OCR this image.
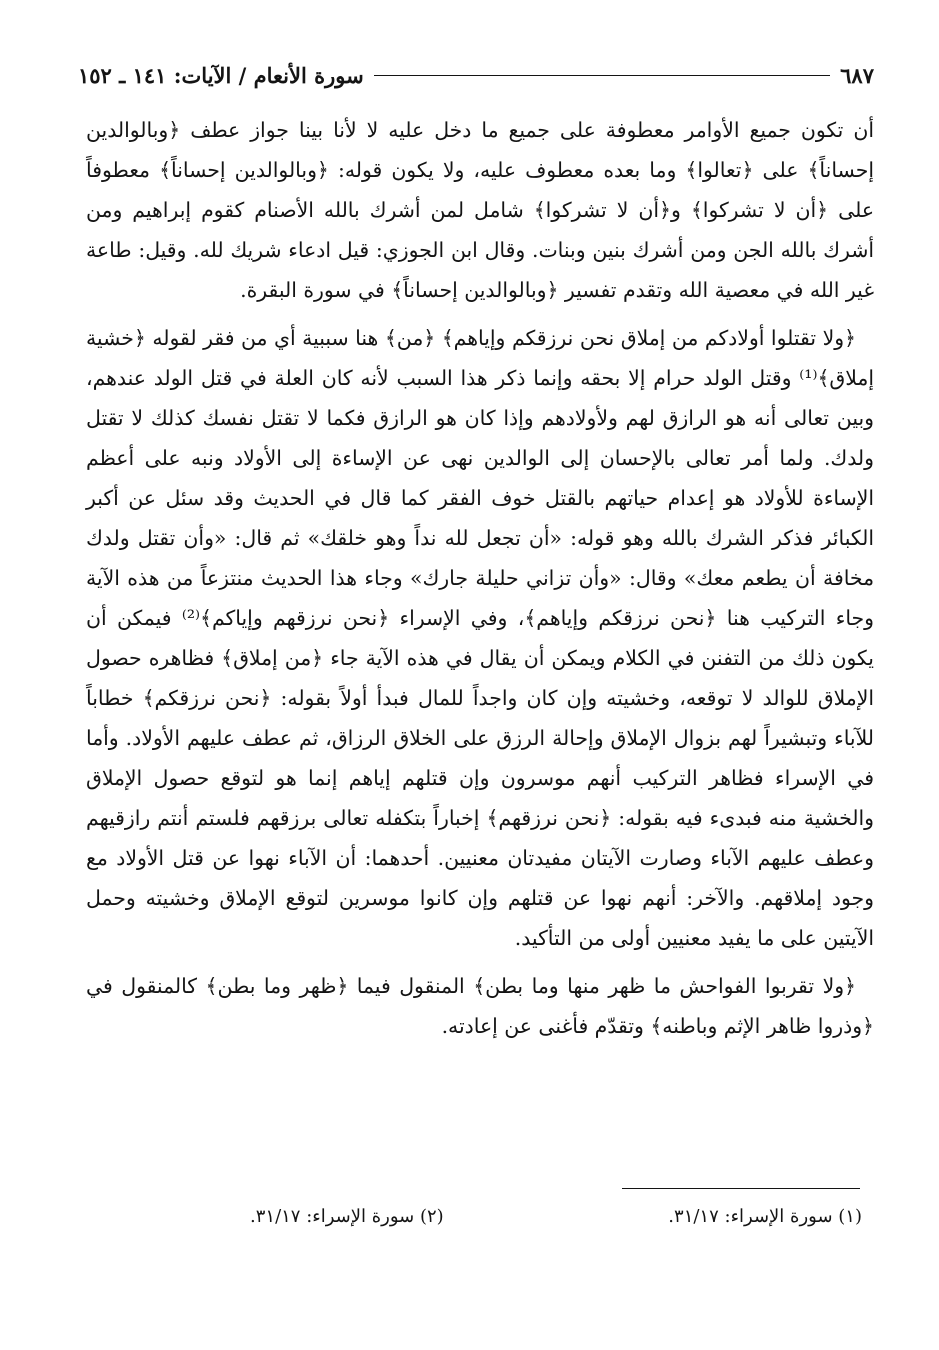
سورة الأنعام / الآيات: ١٤١ ـ ١٥٢	٦٨٧

أن تكون جميع الأوامر معطوفة على جميع ما دخل عليه لا لأنا بينا جواز عطف ﴿وبالوالدين إحساناً﴾ على ﴿تعالوا﴾ وما بعده معطوف عليه، ولا يكون قوله: ﴿وبالوالدين إحساناً﴾ معطوفاً على ﴿أن لا تشركوا﴾ و﴿أن لا تشركوا﴾ شامل لمن أشرك بالله الأصنام كقوم إبراهيم ومن أشرك بالله الجن ومن أشرك بنين وبنات. وقال ابن الجوزي: قيل ادعاء شريك لله. وقيل: طاعة غير الله في معصية الله وتقدم تفسير ﴿وبالوالدين إحساناً﴾ في سورة البقرة.

﴿ولا تقتلوا أولادكم من إملاق نحن نرزقكم وإياهم﴾ ﴿من﴾ هنا سببية أي من فقر لقوله ﴿خشية إملاق﴾⁽¹⁾ وقتل الولد حرام إلا بحقه وإنما ذكر هذا السبب لأنه كان العلة في قتل الولد عندهم، وبين تعالى أنه هو الرازق لهم ولأولادهم وإذا كان هو الرازق فكما لا تقتل نفسك كذلك لا تقتل ولدك. ولما أمر تعالى بالإحسان إلى الوالدين نهى عن الإساءة إلى الأولاد ونبه على أعظم الإساءة للأولاد هو إعدام حياتهم بالقتل خوف الفقر كما قال في الحديث وقد سئل عن أكبر الكبائر فذكر الشرك بالله وهو قوله: «أن تجعل لله نداً وهو خلقك» ثم قال: «وأن تقتل ولدك مخافة أن يطعم معك» وقال: «وأن تزاني حليلة جارك» وجاء هذا الحديث منتزعاً من هذه الآية وجاء التركيب هنا ﴿نحن نرزقكم وإياهم﴾، وفي الإسراء ﴿نحن نرزقهم وإياكم﴾⁽²⁾ فيمكن أن يكون ذلك من التفنن في الكلام ويمكن أن يقال في هذه الآية جاء ﴿من إملاق﴾ فظاهره حصول الإملاق للوالد لا توقعه، وخشيته وإن كان واجداً للمال فبدأ أولاً بقوله: ﴿نحن نرزقكم﴾ خطاباً للآباء وتبشيراً لهم بزوال الإملاق وإحالة الرزق على الخلاق الرزاق، ثم عطف عليهم الأولاد. وأما في الإسراء فظاهر التركيب أنهم موسرون وإن قتلهم إياهم إنما هو لتوقع حصول الإملاق والخشية منه فبدىء فيه بقوله: ﴿نحن نرزقهم﴾ إخباراً بتكفله تعالى برزقهم فلستم أنتم رازقيهم وعطف عليهم الآباء وصارت الآيتان مفيدتان معنيين. أحدهما: أن الآباء نهوا عن قتل الأولاد مع وجود إملاقهم. والآخر: أنهم نهوا عن قتلهم وإن كانوا موسرين لتوقع الإملاق وخشيته وحمل الآيتين على ما يفيد معنيين أولى من التأكيد.

﴿ولا تقربوا الفواحش ما ظهر منها وما بطن﴾ المنقول فيما ﴿ظهر وما بطن﴾ كالمنقول في ﴿وذروا ظاهر الإثم وباطنه﴾ وتقدّم فأغنى عن إعادته.

(١) سورة الإسراء: ٣١/١٧.
(٢) سورة الإسراء: ٣١/١٧.
